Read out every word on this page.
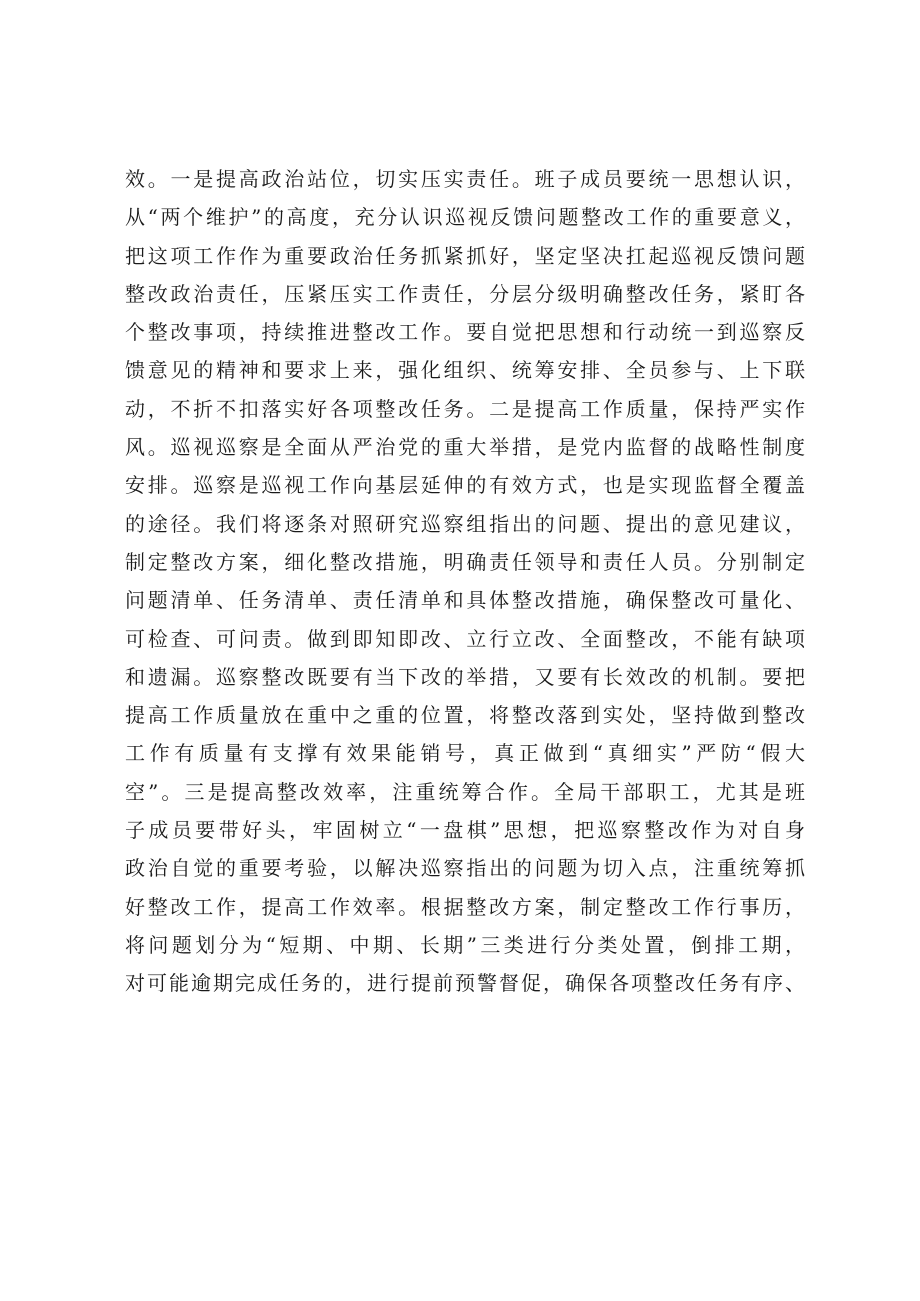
效。一是提高政治站位，切实压实责任。班子成员要统一思想认识，
从“两个维护”的高度，充分认识巡视反馈问题整改工作的重要意义，
把这项工作作为重要政治任务抓紧抓好，坚定坚决扛起巡视反馈问题
整改政治责任，压紧压实工作责任，分层分级明确整改任务，紧盯各
个整改事项，持续推进整改工作。要自觉把思想和行动统一到巡察反
馈意见的精神和要求上来，强化组织、统筹安排、全员参与、上下联
动，不折不扣落实好各项整改任务。二是提高工作质量，保持严实作
风。巡视巡察是全面从严治党的重大举措，是党内监督的战略性制度
安排。巡察是巡视工作向基层延伸的有效方式，也是实现监督全覆盖
的途径。我们将逐条对照研究巡察组指出的问题、提出的意见建议，
制定整改方案，细化整改措施，明确责任领导和责任人员。分别制定
问题清单、任务清单、责任清单和具体整改措施，确保整改可量化、
可检查、可问责。做到即知即改、立行立改、全面整改，不能有缺项
和遗漏。巡察整改既要有当下改的举措，又要有长效改的机制。要把
提高工作质量放在重中之重的位置，将整改落到实处，坚持做到整改
工作有质量有支撑有效果能销号，真正做到“真细实”严防“假大
空”。三是提高整改效率，注重统筹合作。全局干部职工，尤其是班
子成员要带好头，牢固树立“一盘棋”思想，把巡察整改作为对自身
政治自觉的重要考验，以解决巡察指出的问题为切入点，注重统筹抓
好整改工作，提高工作效率。根据整改方案，制定整改工作行事历，
将问题划分为“短期、中期、长期”三类进行分类处置，倒排工期，
对可能逾期完成任务的，进行提前预警督促，确保各项整改任务有序、
